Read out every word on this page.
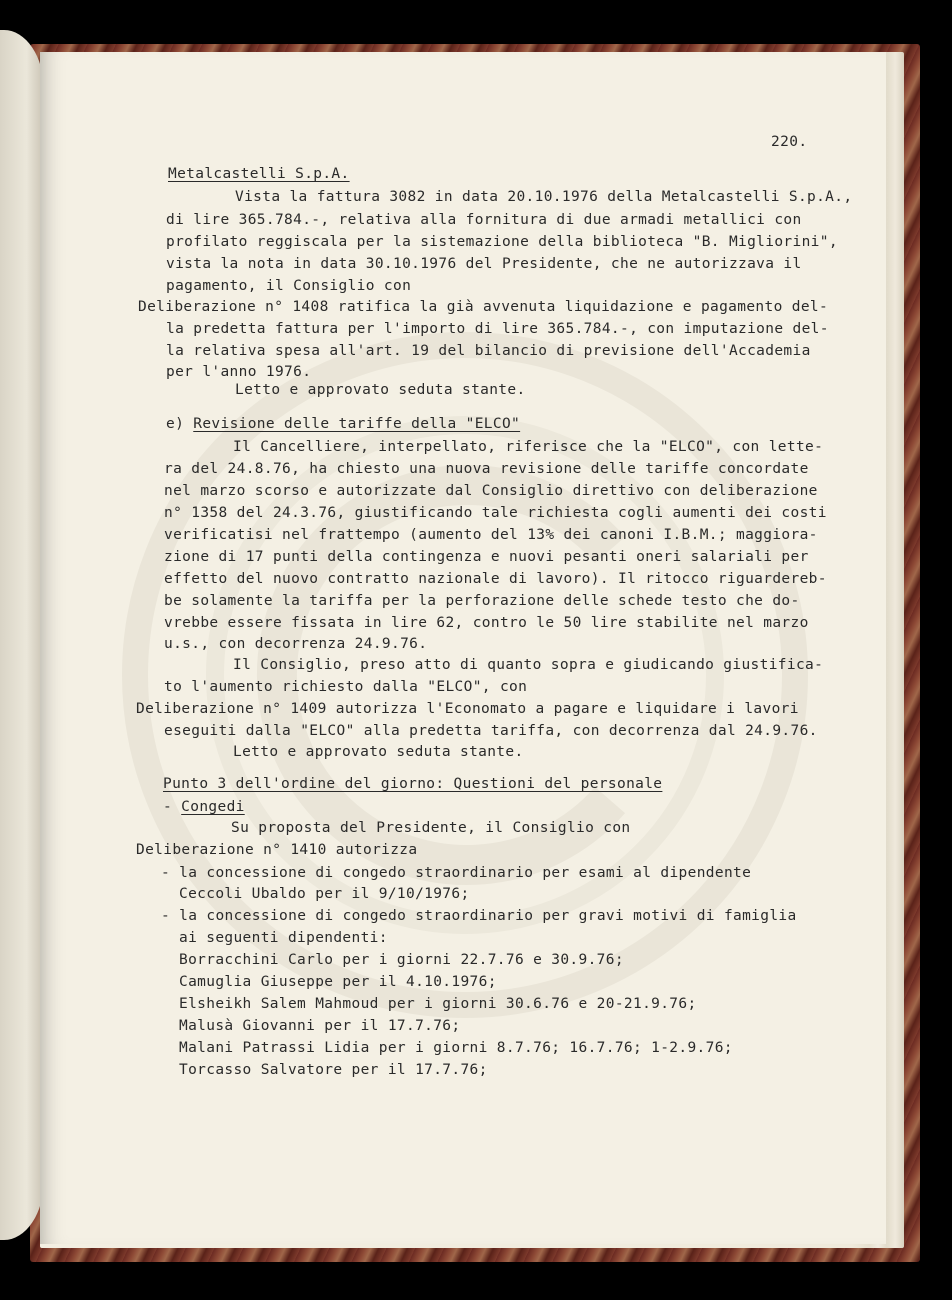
220.
Metalcastelli S.p.A.
Vista la fattura 3082 in data 20.10.1976 della Metalcastelli S.p.A.,
di lire 365.784.-, relativa alla fornitura di due armadi metallici con
profilato reggiscala per la sistemazione della biblioteca "B. Migliorini",
vista la nota in data 30.10.1976 del Presidente, che ne autorizzava il
pagamento, il Consiglio con
Deliberazione n° 1408 ratifica la già avvenuta liquidazione e pagamento del-
la predetta fattura per l'importo di lire 365.784.-, con imputazione del-
la relativa spesa all'art. 19 del bilancio di previsione dell'Accademia
per l'anno 1976.
Letto e approvato seduta stante.
e) Revisione delle tariffe della "ELCO"
Il Cancelliere, interpellato, riferisce che la "ELCO", con lette-
ra del 24.8.76, ha chiesto una nuova revisione delle tariffe concordate
nel marzo scorso e autorizzate dal Consiglio direttivo con deliberazione
n° 1358 del 24.3.76, giustificando tale richiesta cogli aumenti dei costi
verificatisi nel frattempo (aumento del 13% dei canoni I.B.M.; maggiora-
zione di 17 punti della contingenza e nuovi pesanti oneri salariali per
effetto del nuovo contratto nazionale di lavoro). Il ritocco riguardereb-
be solamente la tariffa per la perforazione delle schede testo che do-
vrebbe essere fissata in lire 62, contro le 50 lire stabilite nel marzo
u.s., con decorrenza 24.9.76.
Il Consiglio, preso atto di quanto sopra e giudicando giustifica-
to l'aumento richiesto dalla "ELCO", con
Deliberazione n° 1409 autorizza l'Economato a pagare e liquidare i lavori
eseguiti dalla "ELCO" alla predetta tariffa, con decorrenza dal 24.9.76.
Letto e approvato seduta stante.
Punto 3 dell'ordine del giorno: Questioni del personale
- Congedi
Su proposta del Presidente, il Consiglio con
Deliberazione n° 1410 autorizza
- la concessione di congedo straordinario per esami al dipendente
Ceccoli Ubaldo per il 9/10/1976;
- la concessione di congedo straordinario per gravi motivi di famiglia
ai seguenti dipendenti:
Borracchini Carlo per i giorni 22.7.76 e 30.9.76;
Camuglia Giuseppe per il 4.10.1976;
Elsheikh Salem Mahmoud per i giorni 30.6.76 e 20-21.9.76;
Malusà Giovanni per il 17.7.76;
Malani Patrassi Lidia per i giorni 8.7.76; 16.7.76; 1-2.9.76;
Torcasso Salvatore per il 17.7.76;
